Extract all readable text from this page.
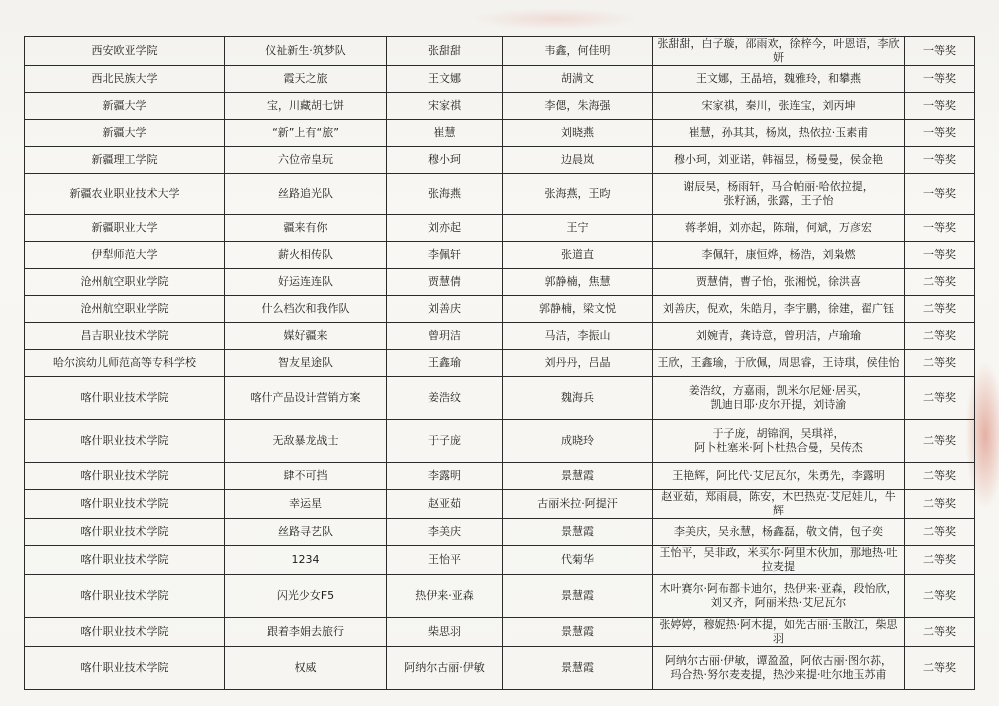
西安欧亚学院	仪祉新生·筑梦队	张甜甜	韦鑫，何佳明	张甜甜，白子璇，邵雨欢，徐梓今，叶恩语，李欣妍	一等奖
西北民族大学	霞天之旅	王文娜	胡满文	王文娜，王晶培，魏雅玲，和攀燕	一等奖
新疆大学	宝，川藏胡七饼	宋家祺	李偲，朱海强	宋家祺，秦川，张连宝，刘丙坤	一等奖
新疆大学	“新”上有“旅”	崔慧	刘晓燕	崔慧，孙其其，杨岚，热依拉·玉素甫	一等奖
新疆理工学院	六位帝皇玩	穆小珂	边晨岚	穆小珂，刘亚诺，韩福昱，杨曼曼，侯金艳	一等奖
新疆农业职业技术大学	丝路追光队	张海燕	张海燕，王昀	谢辰昊，杨雨轩，马合帕丽·哈依拉提，
张籽涵，张露，王子怡	一等奖
新疆职业大学	疆来有你	刘亦起	王宁	蒋孝娟，刘亦起，陈瑞，何斌，万彦宏	一等奖
伊犁师范大学	薪火相传队	李佩轩	张道直	李佩轩，康恒烨，杨浩，刘枭燃	一等奖
沧州航空职业学院	好运连连队	贾慧倩	郭静楠，焦慧	贾慧倩，曹子怡，张湘悦，徐洪喜	二等奖
沧州航空职业学院	什么档次和我作队	刘善庆	郭静楠，梁文悦	刘善庆，倪欢，朱皓月，李宇鹏，徐建，翟广钰	二等奖
昌吉职业技术学院	媒好疆来	曾玥洁	马洁，李振山	刘婉青，龚诗意，曾玥洁，卢瑜瑜	二等奖
哈尔滨幼儿师范高等专科学校	智友星途队	王鑫瑜	刘丹丹，吕晶	王欣，王鑫瑜，于欣佩，周思睿，王诗琪，侯佳怡	二等奖
喀什职业技术学院	喀什产品设计营销方案	姜浩纹	魏海兵	姜浩纹，方嘉雨，凯米尔尼娅·居买，
凯迪日耶·皮尔开提，刘诗渝	二等奖
喀什职业技术学院	无敌暴龙战士	于子庞	成晓玲	于子庞，胡锦润，吴琪祥，
阿卜杜塞米·阿卜杜热合曼，吴传杰	二等奖
喀什职业技术学院	肆不可挡	李露明	景慧霞	王艳辉，阿比代·艾尼瓦尔，朱勇先，李露明	二等奖
喀什职业技术学院	幸运星	赵亚茹	古丽米拉·阿提汗	赵亚茹，郑雨晨，陈安，木巴热克·艾尼娃儿，牛辉	二等奖
喀什职业技术学院	丝路寻艺队	李美庆	景慧霞	李美庆，吴永慧，杨鑫磊，敬文倩，包子奕	二等奖
喀什职业技术学院	1234	王怡平	代菊华	王怡平，吴非政，米买尔·阿里木伙加，那地热·吐拉麦提	二等奖
喀什职业技术学院	闪光少女F5	热伊来·亚森	景慧霞	木叶赛尔·阿布都卡迪尔，热伊来·亚森，段怡欣，
刘又齐，阿丽米热·艾尼瓦尔	二等奖
喀什职业技术学院	跟着李娟去旅行	柴思羽	景慧霞	张婷婷，穆妮热·阿木提，如先古丽·玉散江，柴思羽	二等奖
喀什职业技术学院	权威	阿纳尔古丽·伊敏	景慧霞	阿纳尔古丽·伊敏，谭盈盈，阿依古丽·图尔荪，
玛合热·努尔麦麦提，热沙来提·吐尔地玉苏甫	二等奖
